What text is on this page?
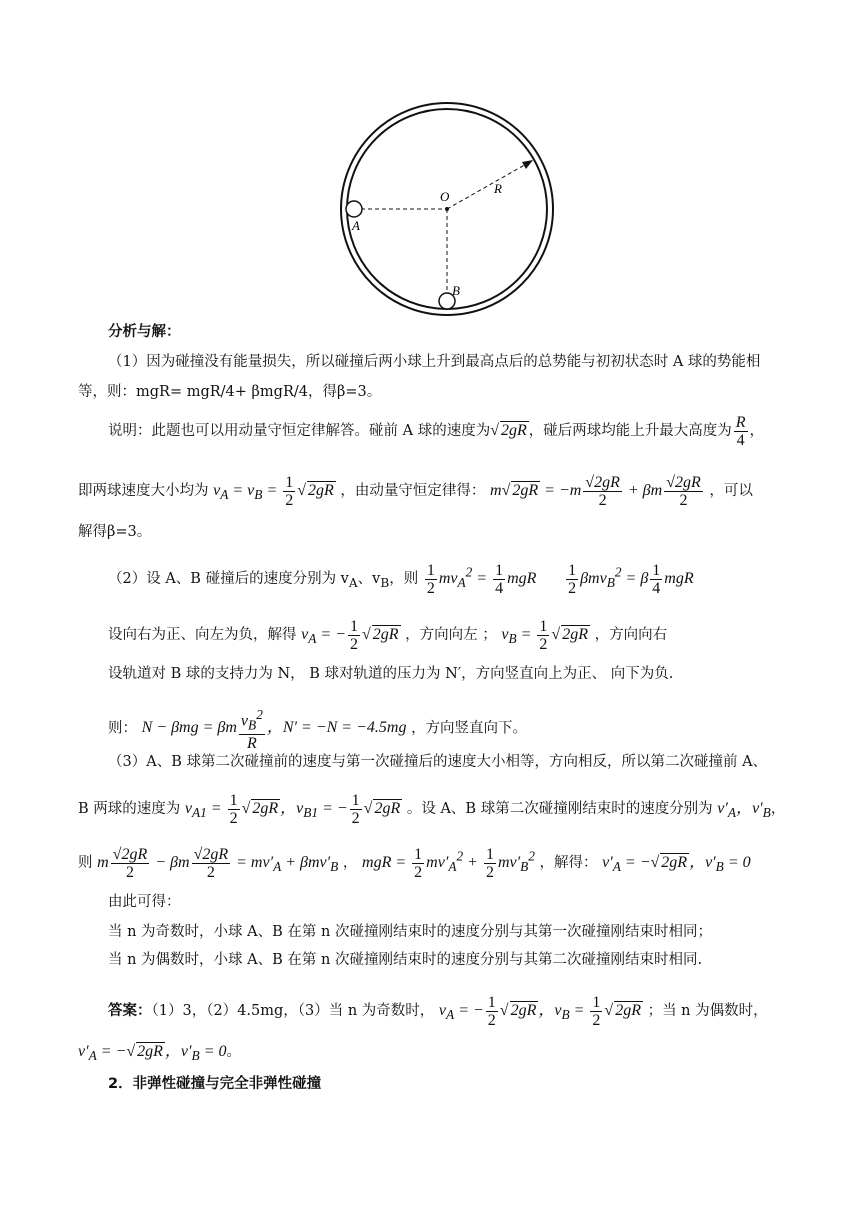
O
R
A
B
分析与解：
（1）因为碰撞没有能量损失，所以碰撞后两小球上升到最高点后的总势能与初初状态时 A 球的势能相
等，则：mgR= mgR/4+ βmgR/4，得β=3。
说明：此题也可以用动量守恒定律解答。碰前 A 球的速度为√ 2gR ，碰后两球均能上升最大高度为 $\frac{R}{4}$ ，
即两球速度大小均为 $v_A = v_B = \frac{1}{2}$ √ 2gR ，由动量守恒定律得： m√ $2gR = -m \frac{√2gR}{2} + \beta m \frac{√2gR}{2}$ ，可以
解得β=3。
（2）设 A、B 碰撞后的速度分别为 $v_A$、$v_B$，则 $\frac{1}{2} mv_A^2 = \frac{1}{4}$ mgR $\frac{1}{2} \beta mv_B^2 = \beta \frac{1}{4}$ mgR
设向右为正、向左为负，解得 $v_A$ = − $\frac{1}{2}$ √ 2gR ，方向向左 ； $v_B = \frac{1}{2}$ √ 2gR ，方向向右
设轨道对 B 球的支持力为 N， B 球对轨道的压力为 N′，方向竖直向上为正、 向下为负.
则： N − βmg = βm $\frac{v_B^2}{R}$ ，N′ = −N = −4.5mg ，方向竖直向下。
（3）A、B 球第二次碰撞前的速度与第一次碰撞后的速度大小相等，方向相反，所以第二次碰撞前 A、
B 两球的速度为 $v_{A1} = \frac{1}{2}$ √ 2gR ，$v_{B1}$ = − $\frac{1}{2}$ √ 2gR 。设 A、B 球第二次碰撞刚结束时的速度分别为 $v'_A$，$v'_B$，
则 m $\frac{√2gR}{2} - \beta m \frac{√2gR}{2} = mv'_A + \beta mv'_B$ ， mgR = $\frac{1}{2} mv'_A^2 + \frac{1}{2} mv'_B^2$ ，解得： $v'_A$ = −√ 2gR ，$v'_B = 0$
由此可得：
当 n 为奇数时，小球 A、B 在第 n 次碰撞刚结束时的速度分别与其第一次碰撞刚结束时相同；
当 n 为偶数时，小球 A、B 在第 n 次碰撞刚结束时的速度分别与其第二次碰撞刚结束时相同.
答案：（1）3，（2）4.5mg，（3）当 n 为奇数时， $v_A$ = − $\frac{1}{2}$ √ 2gR ，$v_B = \frac{1}{2}$ √ 2gR ；当 n 为偶数时，
$v'_A$ = −√ 2gR ，$v'_B = 0$。
2．非弹性碰撞与完全非弹性碰撞
